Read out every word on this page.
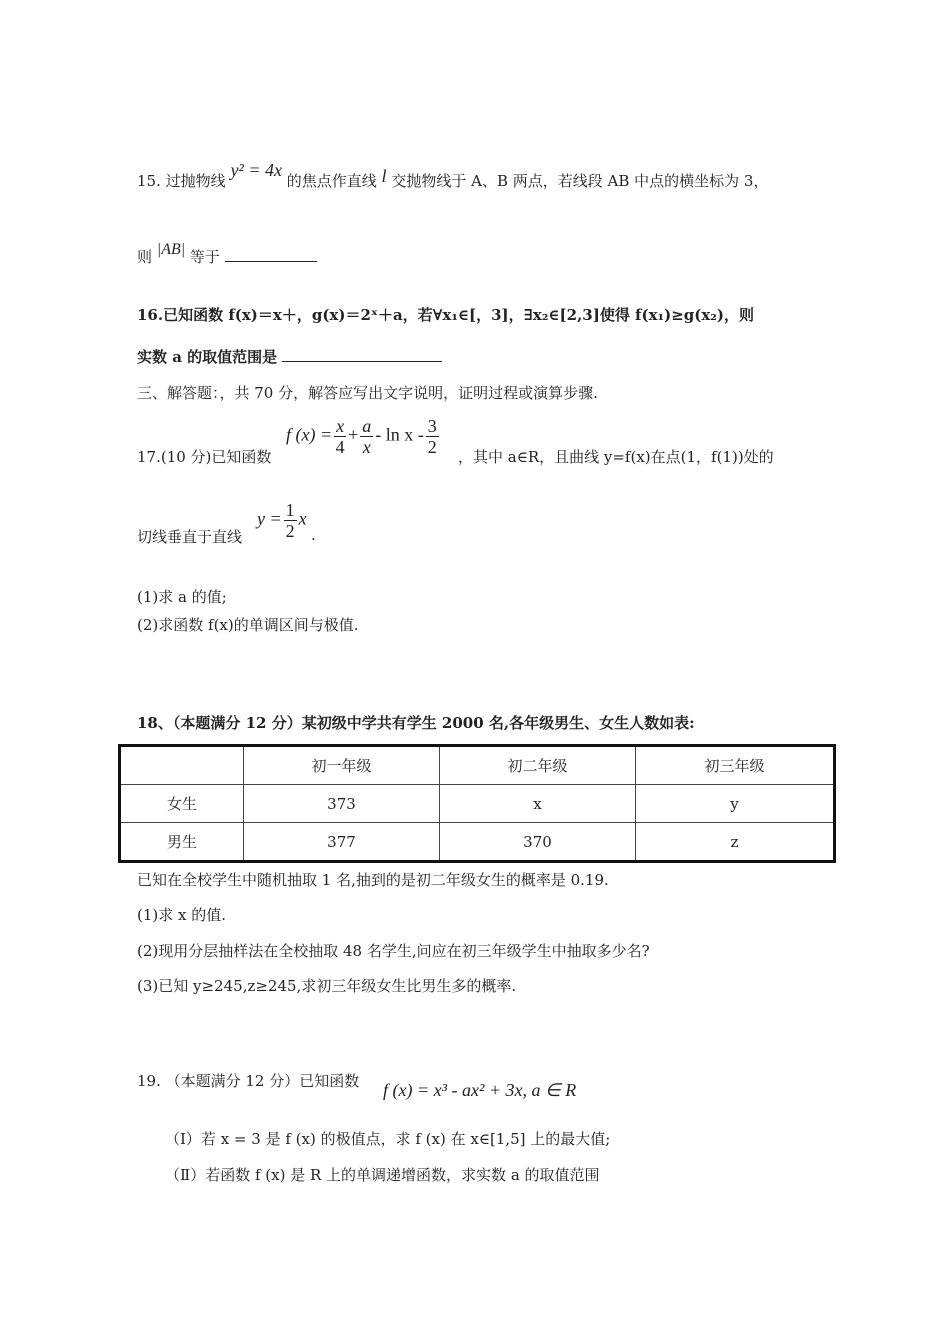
15. 过抛物线 y² = 4x 的焦点作直线 l 交抛物线于 A、B 两点，若线段 AB 中点的横坐标为 3，
则 |AB| 等于
16.已知函数 f(x)＝x＋，g(x)＝2ˣ＋a，若∀x₁∈[，3]，∃x₂∈[2,3]使得 f(x₁)≥g(x₂)，则
实数 a 的取值范围是
三、解答题：，共 70 分，解答应写出文字说明，证明过程或演算步骤.
17.(10 分)已知函数
f $(x) = \frac{x}{4} + \frac{a}{x} - \ln x - \frac{3}{2}$ ，其中 a∈R，且曲线 y=f(x)在点(1，f(1))处的
切线垂直于直线
$y = \frac{1}{2}$ x
.
(1)求 a 的值;
(2)求函数 f(x)的单调区间与极值.
18、（本题满分 12 分）某初级中学共有学生 2000 名,各年级男生、女生人数如表:
	初一年级	初二年级	初三年级
女生	373	x	y
男生	377	370	z
已知在全校学生中随机抽取 1 名,抽到的是初二年级女生的概率是 0.19.
(1)求 x 的值.
(2)现用分层抽样法在全校抽取 48 名学生,问应在初三年级学生中抽取多少名?
(3)已知 y≥245,z≥245,求初三年级女生比男生多的概率.
19. （本题满分 12 分）已知函数 f (x) = x³ - ax² + 3x, a ∈ R
（Ⅰ）若 x = 3 是 f (x) 的极值点，求 f (x) 在 x∈[1,5] 上的最大值;
（Ⅱ）若函数 f (x) 是 R 上的单调递增函数，求实数 a 的取值范围
